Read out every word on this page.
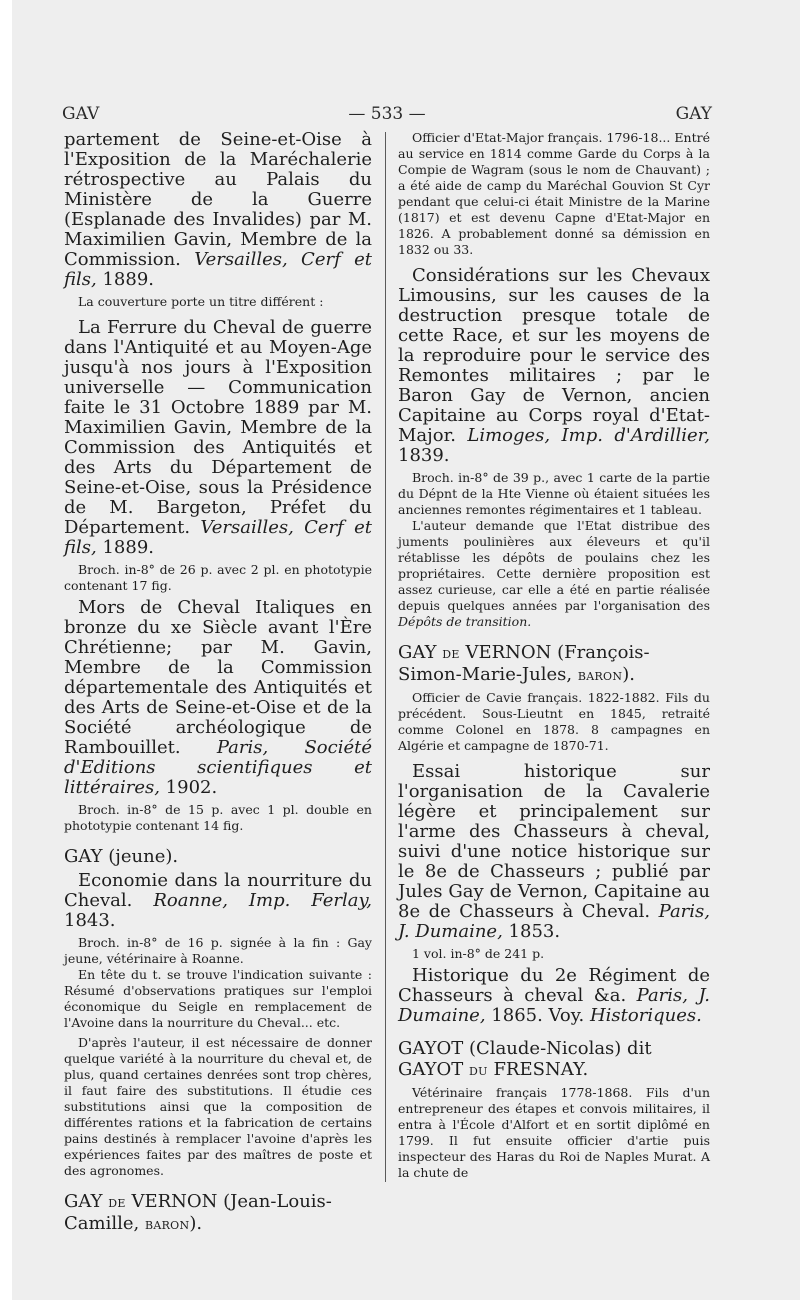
GAV	— 533 —	GAY

partement de Seine-et-Oise à l'Exposition de la Maréchalerie rétrospective au Palais du Ministère de la Guerre (Esplanade des Invalides) par M. Maximilien Gavin, Membre de la Commission. Versailles, Cerf et fils, 1889.

La couverture porte un titre différent :

La Ferrure du Cheval de guerre dans l'Antiquité et au Moyen-Age jusqu'à nos jours à l'Exposition universelle — Communication faite le 31 Octobre 1889 par M. Maximilien Gavin, Membre de la Commission des Antiquités et des Arts du Département de Seine-et-Oise, sous la Présidence de M. Bargeton, Préfet du Département. Versailles, Cerf et fils, 1889.

Broch. in-8° de 26 p. avec 2 pl. en phototypie contenant 17 fig.

Mors de Cheval Italiques en bronze du xe Siècle avant l'Ère Chrétienne; par M. Gavin, Membre de la Commission départementale des Antiquités et des Arts de Seine-et-Oise et de la Société archéologique de Rambouillet. Paris, Société d'Editions scientifiques et littéraires, 1902.

Broch. in-8° de 15 p. avec 1 pl. double en phototypie contenant 14 fig.

GAY (jeune).

Economie dans la nourriture du Cheval. Roanne, Imp. Ferlay, 1843.

Broch. in-8° de 16 p. signée à la fin : Gay jeune, vétérinaire à Roanne.

En tête du t. se trouve l'indication suivante : Résumé d'observations pratiques sur l'emploi économique du Seigle en remplacement de l'Avoine dans la nourriture du Cheval... etc.

D'après l'auteur, il est nécessaire de donner quelque variété à la nourriture du cheval et, de plus, quand certaines denrées sont trop chères, il faut faire des substitutions. Il étudie ces substitutions ainsi que la composition de différentes rations et la fabrication de certains pains destinés à remplacer l'avoine d'après les expériences faites par des maîtres de poste et des agronomes.

GAY de VERNON (Jean-Louis-Camille, baron).

Officier d'Etat-Major français. 1796-18... Entré au service en 1814 comme Garde du Corps à la Compie de Wagram (sous le nom de Chauvant) ; a été aide de camp du Maréchal Gouvion St Cyr pendant que celui-ci était Ministre de la Marine (1817) et est devenu Capne d'Etat-Major en 1826. A probablement donné sa démission en 1832 ou 33.

Considérations sur les Chevaux Limousins, sur les causes de la destruction presque totale de cette Race, et sur les moyens de la reproduire pour le service des Remontes militaires ; par le Baron Gay de Vernon, ancien Capitaine au Corps royal d'Etat-Major. Limoges, Imp. d'Ardillier, 1839.

Broch. in-8° de 39 p., avec 1 carte de la partie du Dépnt de la Hte Vienne où étaient situées les anciennes remontes régimentaires et 1 tableau.

L'auteur demande que l'Etat distribue des juments poulinières aux éleveurs et qu'il rétablisse les dépôts de poulains chez les propriétaires. Cette dernière proposition est assez curieuse, car elle a été en partie réalisée depuis quelques années par l'organisation des Dépôts de transition.

GAY de VERNON (François-Simon-Marie-Jules, baron).

Officier de Cavie français. 1822-1882. Fils du précédent. Sous-Lieutnt en 1845, retraité comme Colonel en 1878. 8 campagnes en Algérie et campagne de 1870-71.

Essai historique sur l'organisation de la Cavalerie légère et principalement sur l'arme des Chasseurs à cheval, suivi d'une notice historique sur le 8e de Chasseurs ; publié par Jules Gay de Vernon, Capitaine au 8e de Chasseurs à Cheval. Paris, J. Dumaine, 1853.

1 vol. in-8° de 241 p.

Historique du 2e Régiment de Chasseurs à cheval &a. Paris, J. Dumaine, 1865. Voy. Historiques.

GAYOT (Claude-Nicolas) dit GAYOT du FRESNAY.

Vétérinaire français 1778-1868. Fils d'un entrepreneur des étapes et convois militaires, il entra à l'École d'Alfort et en sortit diplômé en 1799. Il fut ensuite officier d'artie puis inspecteur des Haras du Roi de Naples Murat. A la chute de
